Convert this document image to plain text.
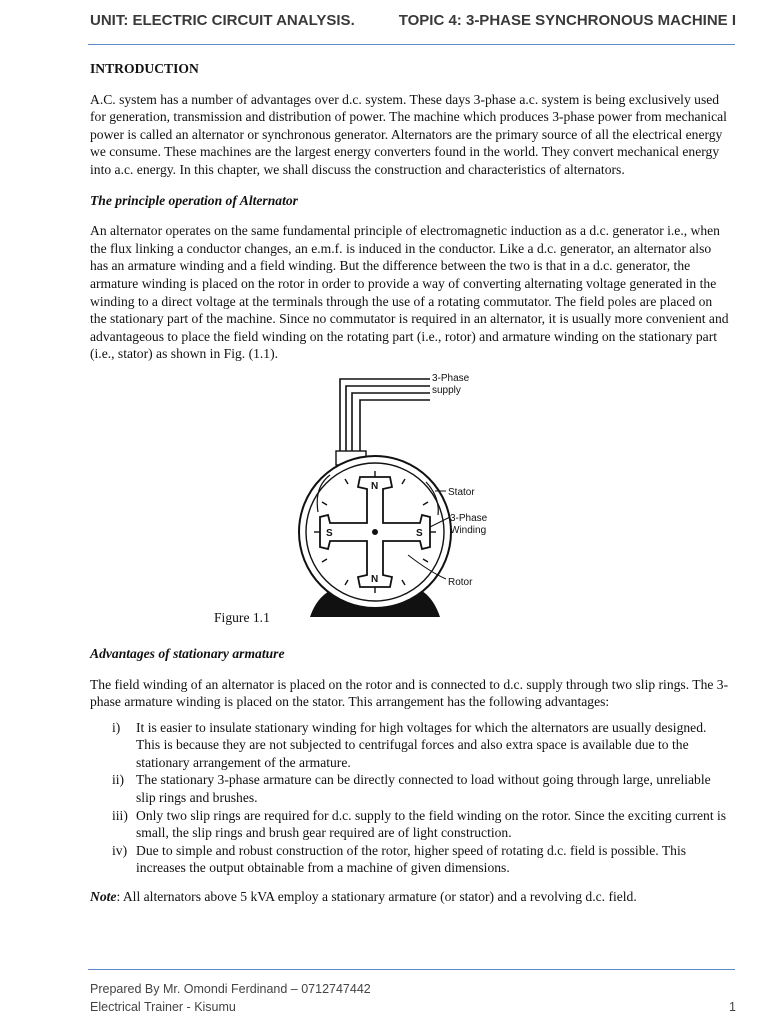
UNIT: ELECTRIC CIRCUIT ANALYSIS.	TOPIC 4: 3-PHASE SYNCHRONOUS MACHINE I

INTRODUCTION

A.C. system has a number of advantages over d.c. system. These days 3-phase a.c. system is being exclusively used for generation, transmission and distribution of power. The machine which produces 3-phase power from mechanical power is called an alternator or synchronous generator. Alternators are the primary source of all the electrical energy we consume. These machines are the largest energy converters found in the world. They convert mechanical energy into a.c. energy. In this chapter, we shall discuss the construction and characteristics of alternators.

The principle operation of Alternator

An alternator operates on the same fundamental principle of electromagnetic induction as a d.c. generator i.e., when the flux linking a conductor changes, an e.m.f. is induced in the conductor. Like a d.c. generator, an alternator also has an armature winding and a field winding. But the difference between the two is that in a d.c. generator, the armature winding is placed on the rotor in order to provide a way of converting alternating voltage generated in the winding to a direct voltage at the terminals through the use of a rotating commutator. The field poles are placed on the stationary part of the machine. Since no commutator is required in an alternator, it is usually more convenient and advantageous to place the field winding on the rotating part (i.e., rotor) and armature winding on the stationary part (i.e., stator) as shown in Fig. (1.1).

N
N
S	S
3-Phase
supply
Stator
3-Phase
Winding
Rotor
Figure 1.1

Advantages of stationary armature

The field winding of an alternator is placed on the rotor and is connected to d.c. supply through two slip rings. The 3-phase armature winding is placed on the stator. This arrangement has the following advantages:

i) It is easier to insulate stationary winding for high voltages for which the alternators are usually designed. This is because they are not subjected to centrifugal forces and also extra space is available due to the stationary arrangement of the armature.
ii) The stationary 3-phase armature can be directly connected to load without going through large, unreliable slip rings and brushes.
iii) Only two slip rings are required for d.c. supply to the field winding on the rotor. Since the exciting current is small, the slip rings and brush gear required are of light construction.
iv) Due to simple and robust construction of the rotor, higher speed of rotating d.c. field is possible. This increases the output obtainable from a machine of given dimensions.

Note: All alternators above 5 kVA employ a stationary armature (or stator) and a revolving d.c. field.

Prepared By Mr. Omondi Ferdinand – 0712747442
Electrical Trainer - Kisumu	1
